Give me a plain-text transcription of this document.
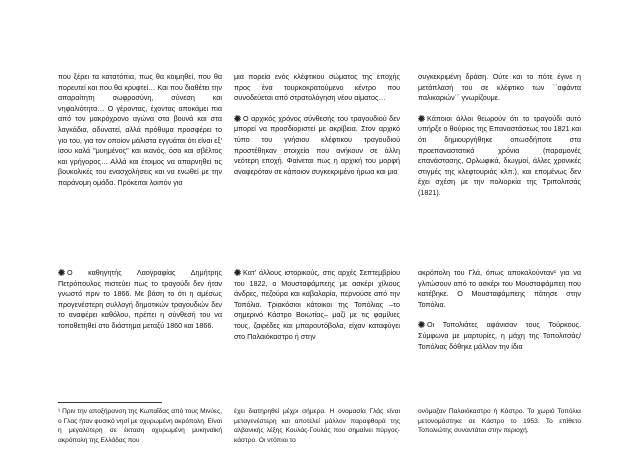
που ξέρει τα κατατόπια, πως θα κοιμηθεί, που θα πορευτεί και που θα κρυφτεί… Και που διαθέτει την απαραίτητη σωφροσύνη, σύνεση και νηφαλιότητα… Ο γέροντας, έχοντας αποκάμει πια από τον μακρόχρονο αγώνα στα βουνά και στα λαγκάδια, αδυνατεί, αλλά πρόθυμα προσφέρει το γιο του, για τον οποίον μάλιστα εγγυάται ότι είναι εξ' ίσου καλά "μυημένος" και ικανός, όσο και σβέλτος και γρήγορος… Αλλά και έτοιμος να απαρνηθεί τις βουκολικές του ενασχολήσεις και να ενωθεί με την παράνομη ομάδα. Πρόκειται λοιπόν για

μια πορεία ενός κλέφτικου σώματος της εποχής προς ένα τουρκοκρατούμενο κέντρο που συνοδεύεται από στρατολόγηση νέου αίματος…

Ο αρχικός χρόνος σύνθεσής του τραγουδιού δεν μπορεί να προσδιοριστεί με ακρίβεια. Στον αρχικό τύπο του γνήσιου κλέφτικου τραγουδιού προστέθηκαν στοιχεία που ανήκουν σε άλλη νεότερη εποχή. Φαίνεται πως η αρχική του μορφή αναφερόταν σε κάποιον συγκεκριμένο ήρωα και μια

συγκεκριμένη δράση. Ούτε και το πότε έγινε η μετάπλασή του σε κλέφτικο των ``αφάντα παλικαριών´´ γνωρίζουμε.

Κάποιοι άλλοι θεωρούν ότι το τραγούδι αυτό υπήρξε ο θούριος της Επαναστάσεως του 1821 και ότι δημιουργήθηκε οπωσδήποτε στα προεπαναστατικά χρόνια (παραμονές επανάστασης, Ορλωφικά, διωγμοί, άλλες χρονικές στιγμές της κλεφτουριάς κλπ.), και επομένως δεν έχει σχέση με την πολιορκία της Τριπολιτσάς (1821).

Ο καθηγητής Λαογραφίας Δημήτρης Πετρόπουλος πιστεύει πως το τραγούδι δεν ήταν γνωστό πριν το 1866. Με βάση το ότι η αμέσως προγενέστερη συλλογή δημοτικών τραγουδιών δεν το αναφέρει καθόλου, πρέπει η σύνθεσή του να τοποθετηθεί στο διάστημα μεταξύ 1860 και 1866.

Κατ' άλλους ιστορικούς, στις αρχές Σεπτεμβρίου του 1822, ο Μουσταφάμπεης με ασκέρι χίλιους άνδρες, πεζούρα και καβαλαρία, περνούσε από την Τοπόλια. Τριακόσιοι κάτοικοι της Τοπόλιας –το σημερινό Κάστρο Βοιωτίας– μαζί με τις φαμίλιες τους, ζαιρέδες και μπαρουτόβολα, είχαν καταφύγει στο Παλαιόκαστρο ή στην

ακρόπολη του Γλά, όπως αποκαλούνταν¹ για να γλιτώσουν από το ασκέρι του Μουσταφάμπεη που κατέβηκε. Ο Μουσταφάμπεης πάτησε στην Τοπόλια.

Οι Τοπολιάτες αφάνισαν τους Τούρκους. Σύμφωνα με μαρτυρίες, η μάχη της Τοπολιτσάς/Τοπόλιας δόθηκε μάλλον την ίδια

¹ Πριν την αποξήρανση της Κωπαΐδας από τους Μινύες, ο Γλας ήταν φυσικό νησί με οχυρωμένη ακρόπολη. Είναι η μεγαλύτερη σε έκταση οχυρωμένη μυκηναϊκή ακρόπολη της Ελλάδας που

έχει διατηρηθεί μέχρι σήμερα. Η ονομασία Γλάς είναι μεταγενέστερη και αποτελεί μάλλον παραφθορά της αλβανικής λέξης Κουλάς-Γουλάς που σημαίνει πύργος-κάστρο. Οι ντόπιοι το

ονόμαζαν Παλαιόκαστρο ή Κάστρο. Το χωριό Τοπόλια μετονομάστηκε σε Κάστρο το 1953. Το επίθετο Τοπολιώτης συναντάται στην περιοχή.
